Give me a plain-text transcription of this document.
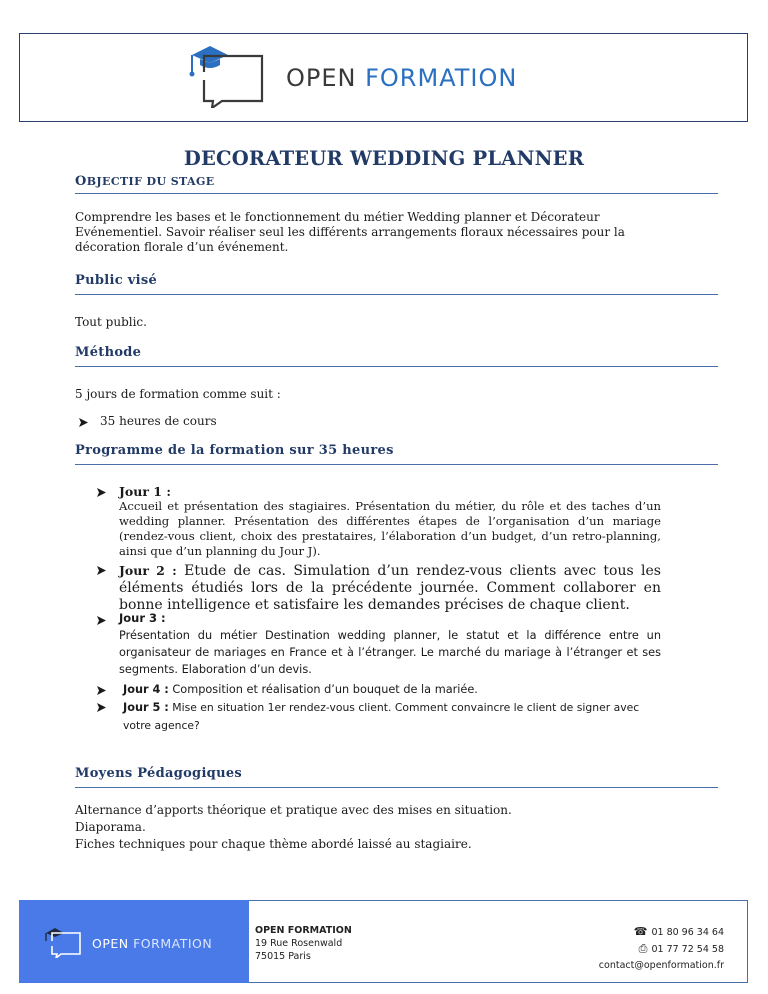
OPEN FORMATION
DECORATEUR WEDDING PLANNER
OBJECTIF DU STAGE
Comprendre les bases et le fonctionnement du métier Wedding planner et Décorateur Evénementiel. Savoir réaliser seul les différents arrangements floraux nécessaires pour la décoration florale d’un événement.
Public visé
Tout public.
Méthode
5 jours de formation comme suit :
35 heures de cours
Programme de la formation sur 35 heures
Jour 1 :
Accueil et présentation des stagiaires. Présentation du métier, du rôle et des taches d’un wedding planner. Présentation des différentes étapes de l’organisation d’un mariage (rendez-vous client, choix des prestataires, l’élaboration d’un budget, d’un retro-planning, ainsi que d’un planning du Jour J).
Jour 2 : Etude de cas. Simulation d’un rendez-vous clients avec tous les éléments étudiés lors de la précédente journée. Comment collaborer en bonne intelligence et satisfaire les demandes précises de chaque client.
Jour 3 :
Présentation du métier Destination wedding planner, le statut et la différence entre un organisateur de mariages en France et à l’étranger. Le marché du mariage à l’étranger et ses segments. Elaboration d’un devis.
Jour 4 : Composition et réalisation d’un bouquet de la mariée.
Jour 5 : Mise en situation 1er rendez-vous client. Comment convaincre le client de signer avec votre agence?
Moyens Pédagogiques
Alternance d’apports théorique et pratique avec des mises en situation.
Diaporama.
Fiches techniques pour chaque thème abordé laissé au stagiaire.
OPEN FORMATION
OPEN FORMATION
19 Rue Rosenwald
75015 Paris
☎ 01 80 96 34 64
⎙ 01 77 72 54 58
contact@openformation.fr
